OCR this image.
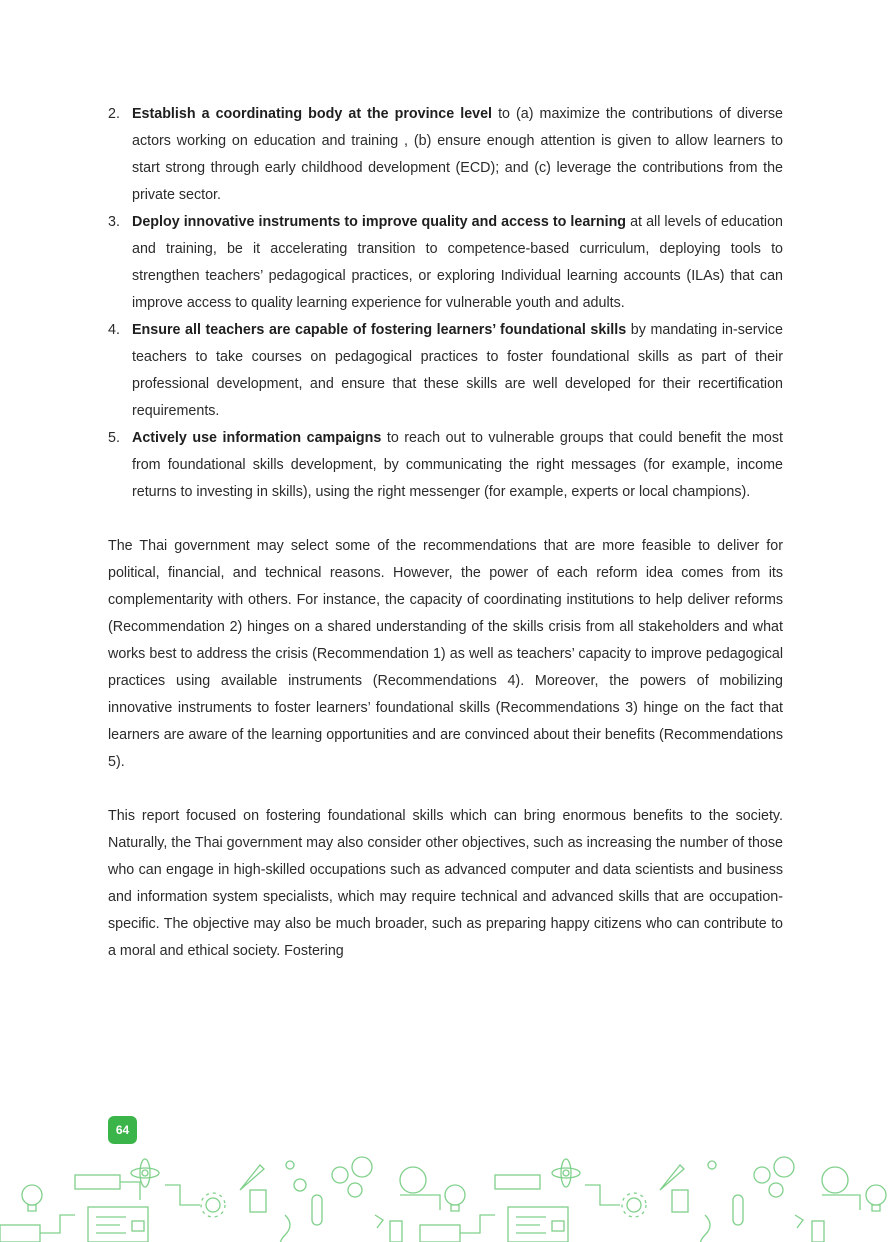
2. Establish a coordinating body at the province level to (a) maximize the contributions of diverse actors working on education and training , (b) ensure enough attention is given to allow learners to start strong through early childhood development (ECD); and (c) leverage the contributions from the private sector.
3. Deploy innovative instruments to improve quality and access to learning at all levels of education and training, be it accelerating transition to competence-based curriculum, deploying tools to strengthen teachers’ pedagogical practices, or exploring Individual learning accounts (ILAs) that can improve access to quality learning experience for vulnerable youth and adults.
4. Ensure all teachers are capable of fostering learners’ foundational skills by mandating in-service teachers to take courses on pedagogical practices to foster foundational skills as part of their professional development, and ensure that these skills are well developed for their recertification requirements.
5. Actively use information campaigns to reach out to vulnerable groups that could benefit the most from foundational skills development, by communicating the right messages (for example, income returns to investing in skills), using the right messenger (for example, experts or local champions).

The Thai government may select some of the recommendations that are more feasible to deliver for political, financial, and technical reasons. However, the power of each reform idea comes from its complementarity with others. For instance, the capacity of coordinating institutions to help deliver reforms (Recommendation 2) hinges on a shared understanding of the skills crisis from all stakeholders and what works best to address the crisis (Recommendation 1) as well as teachers’ capacity to improve pedagogical practices using available instruments (Recommendations 4). Moreover, the powers of mobilizing innovative instruments to foster learners’ foundational skills (Recommendations 3) hinge on the fact that learners are aware of the learning opportunities and are convinced about their benefits (Recommendations 5).

This report focused on fostering foundational skills which can bring enormous benefits to the society. Naturally, the Thai government may also consider other objectives, such as increasing the number of those who can engage in high-skilled occupations such as advanced computer and data scientists and business and information system specialists, which may require technical and advanced skills that are occupation-specific. The objective may also be much broader, such as preparing happy citizens who can contribute to a moral and ethical society. Fostering

64
